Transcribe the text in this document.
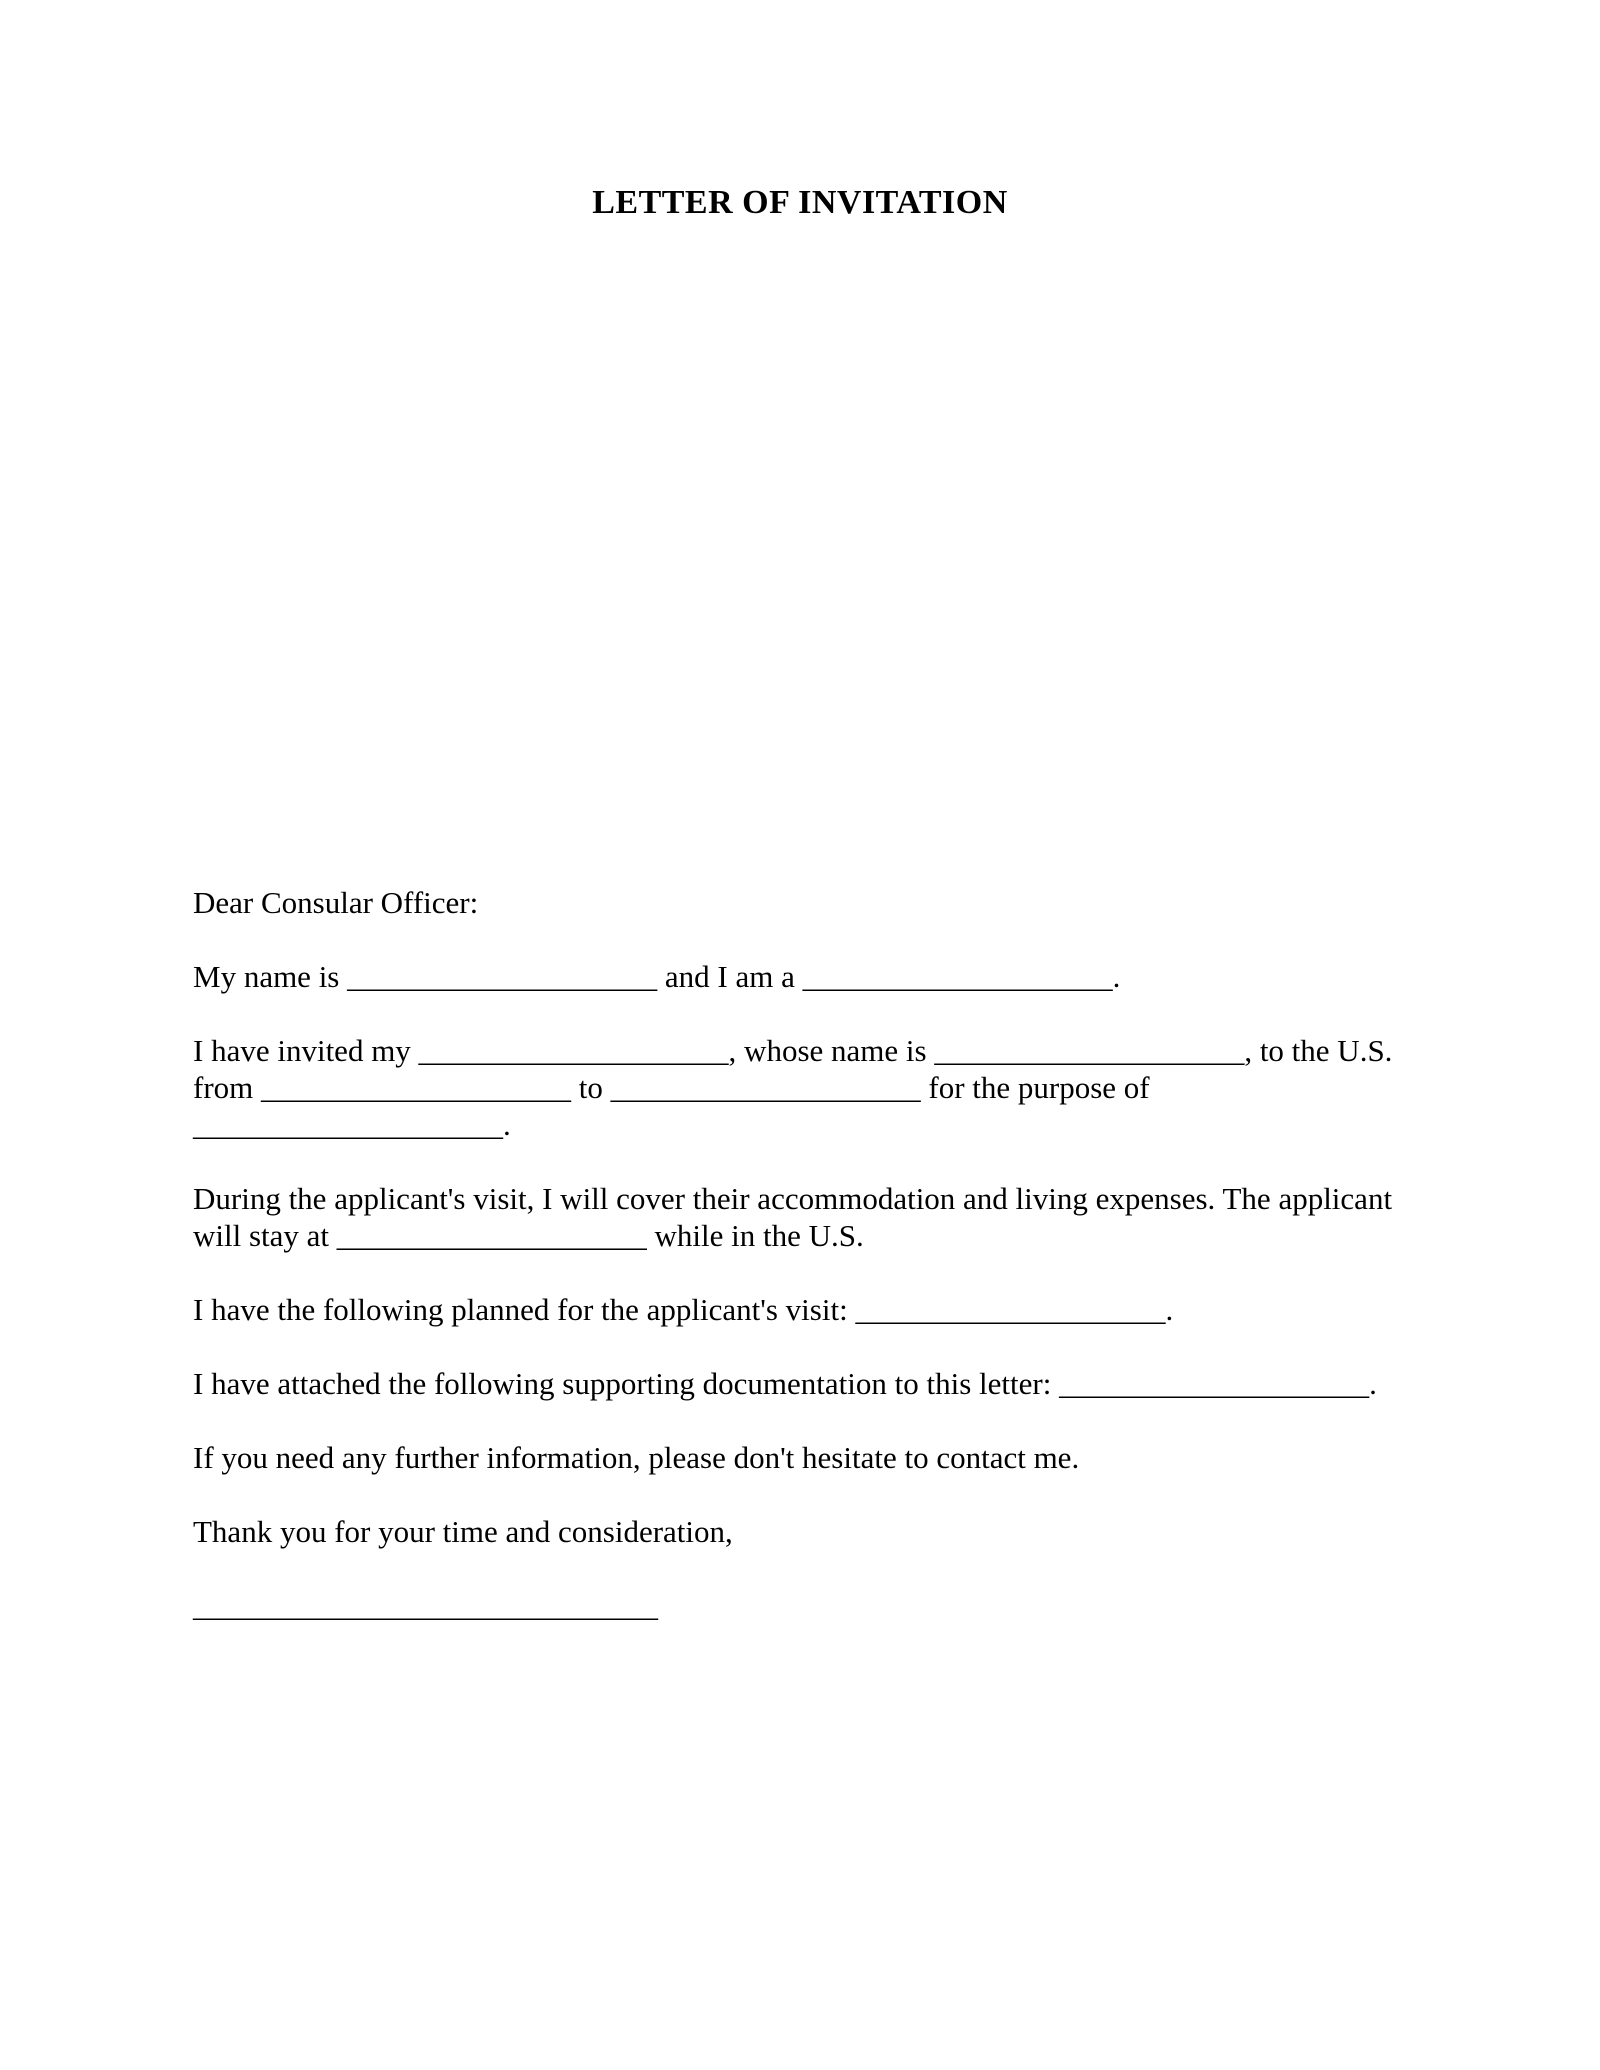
LETTER OF INVITATION

Dear Consular Officer:

My name is ____________________ and I am a ____________________.

I have invited my ____________________, whose name is ____________________, to the U.S.
from ____________________ to ____________________ for the purpose of
____________________.

During the applicant's visit, I will cover their accommodation and living expenses. The applicant
will stay at ____________________ while in the U.S.

I have the following planned for the applicant's visit: ____________________.

I have attached the following supporting documentation to this letter: ____________________.

If you need any further information, please don't hesitate to contact me.

Thank you for your time and consideration,

______________________________
